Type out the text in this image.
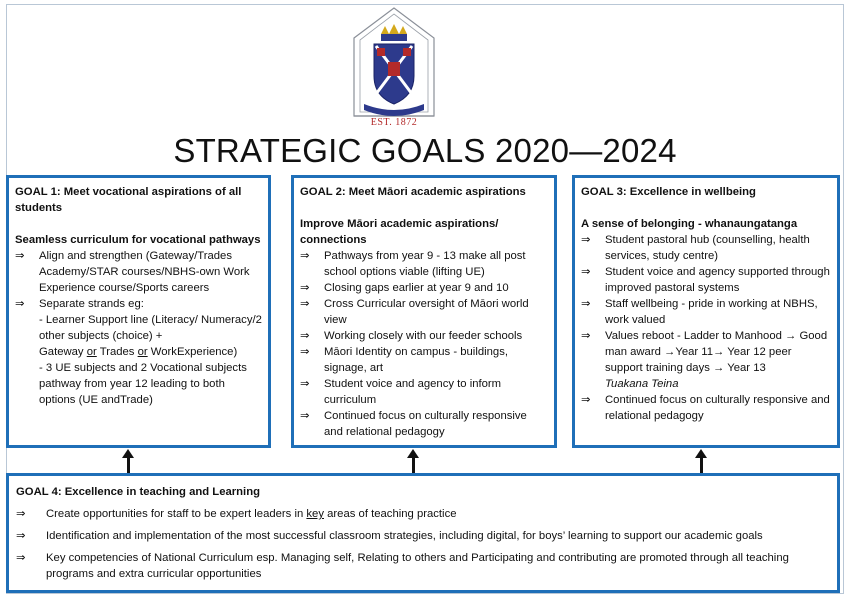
EST. 1872
STRATEGIC GOALS 2020—2024

GOAL 1: Meet vocational aspirations of all students

Seamless curriculum for vocational pathways

⇒	Align and strengthen (Gateway/Trades Academy/STAR courses/NBHS-own Work Experience course/Sports careers
⇒	Separate strands eg:
- Learner Support line (Literacy/ Numeracy/2 other subjects (choice) +
Gateway or Trades or WorkExperience)
- 3 UE subjects and 2 Vocational subjects pathway from year 12 leading to both options (UE andTrade)

GOAL 2: Meet Māori academic aspirations

Improve Māori academic aspirations/ connections

⇒	Pathways from year 9 - 13 make all post school options viable (lifting UE)
⇒	Closing gaps earlier at year 9 and 10
⇒	Cross Curricular oversight of Māori world view
⇒	Working closely with our feeder schools
⇒	Māori Identity on campus - buildings, signage, art
⇒	Student voice and agency to inform curriculum
⇒	Continued focus on culturally responsive and relational pedagogy

GOAL 3: Excellence in wellbeing

A sense of belonging - whanaungatanga

⇒	Student pastoral hub (counselling, health services, study centre)
⇒	Student voice and agency supported through improved pastoral systems
⇒	Staff wellbeing - pride in working at NBHS, work valued
⇒	Values reboot - Ladder to Manhood → Good man award →Year 11→ Year 12 peer support training days → Year 13
Tuakana Teina
⇒	Continued focus on culturally responsive and relational pedagogy

GOAL 4: Excellence in teaching and Learning

⇒	Create opportunities for staff to be expert leaders in key areas of teaching practice
⇒	Identification and implementation of the most successful classroom strategies, including digital, for boys’ learning to support our academic goals
⇒	Key competencies of National Curriculum esp. Managing self, Relating to others and Participating and contributing are promoted through all teaching programs and extra curricular opportunities
